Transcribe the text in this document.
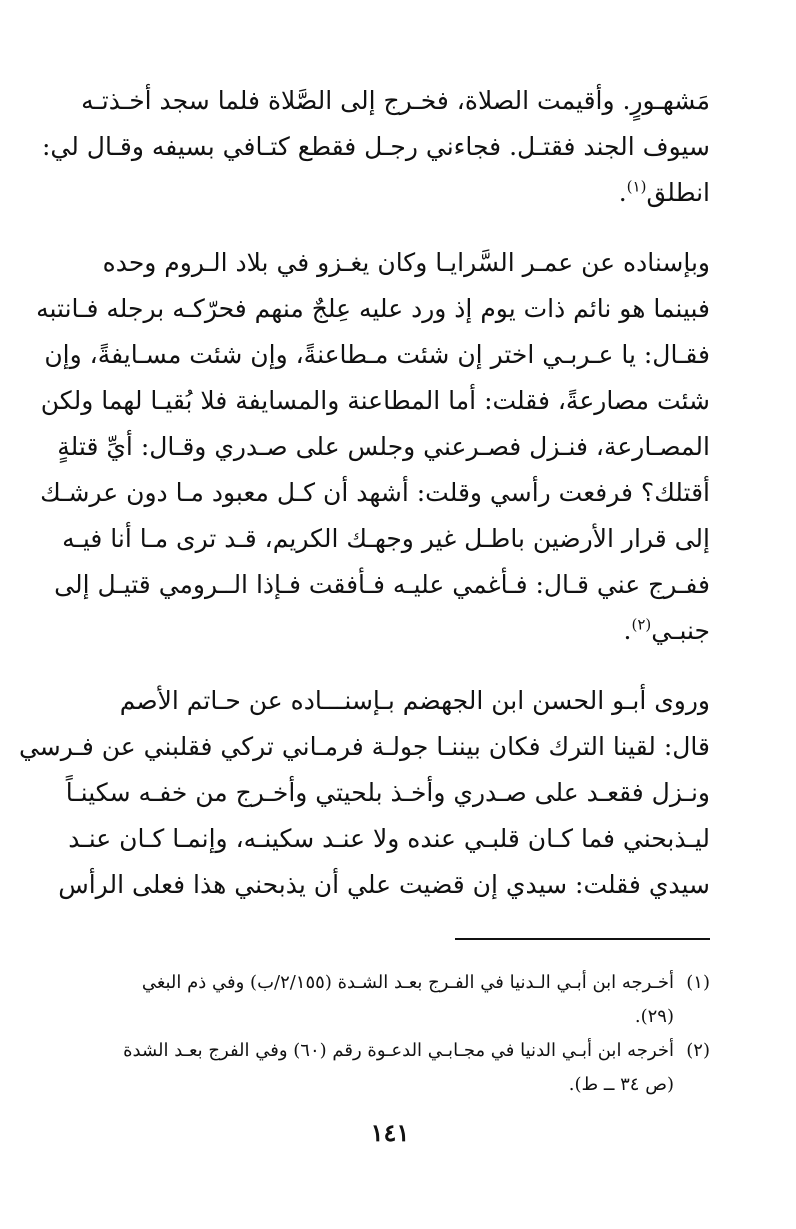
مَشهـورٍ. وأقيمت الصلاة، فخـرج إلى الصَّلاة فلما سجد أخـذتـه
سيوف الجند فقتـل. فجاءني رجـل فقطع كتـافي بسيفه وقـال لي:
انطلق$^{(١)}$.

وبإسناده عن عمـر السَّرايـا وكان يغـزو في بلاد الـروم وحده
فبينما هو نائم ذات يوم إذ ورد عليه عِلجٌ منهم فحرّكـه برجله فـانتبه
فقـال: يا عـربـي اختر إن شئت مـطاعنةً، وإن شئت مسـايفةً، وإن
شئت مصارعةً، فقلت: أما المطاعنة والمسايفة فلا بُقيـا لهما ولكن
المصـارعة، فنـزل فصـرعني وجلس على صـدري وقـال: أيِّ قتلةٍ
أقتلك؟ فرفعت رأسي وقلت: أشهد أن كـل معبود مـا دون عرشـك
إلى قرار الأرضين باطـل غير وجهـك الكريم، قـد ترى مـا أنا فيـه
ففـرج عني قـال: فـأغمي عليـه فـأفقت فـإذا الــرومي قتيـل إلى
جنبـي$^{(٢)}$.

وروى أبـو الحسن ابن الجهضم بـإسنـــاده عن حـاتم الأصم
قال: لقينا الترك فكان بيننـا جولـة فرمـاني تركي فقلبني عن فـرسي
ونـزل فقعـد على صـدري وأخـذ بلحيتي وأخـرج من خفـه سكينـاً
ليـذبحني فما كـان قلبـي عنده ولا عنـد سكينـه، وإنمـا كـان عنـد
سيدي فقلت: سيدي إن قضيت علي أن يذبحني هذا فعلى الرأس

(١)
أخـرجه ابن أبـي الـدنيا في الفـرج بعـد الشـدة (٢/١٥٥/ب) وفي ذم البغي
(٢٩).
(٢)
أخرجه ابن أبـي الدنيا في مجـابـي الدعـوة رقم (٦٠) وفي الفرج بعـد الشدة
(ص ٣٤ ــ ط).
١٤١
